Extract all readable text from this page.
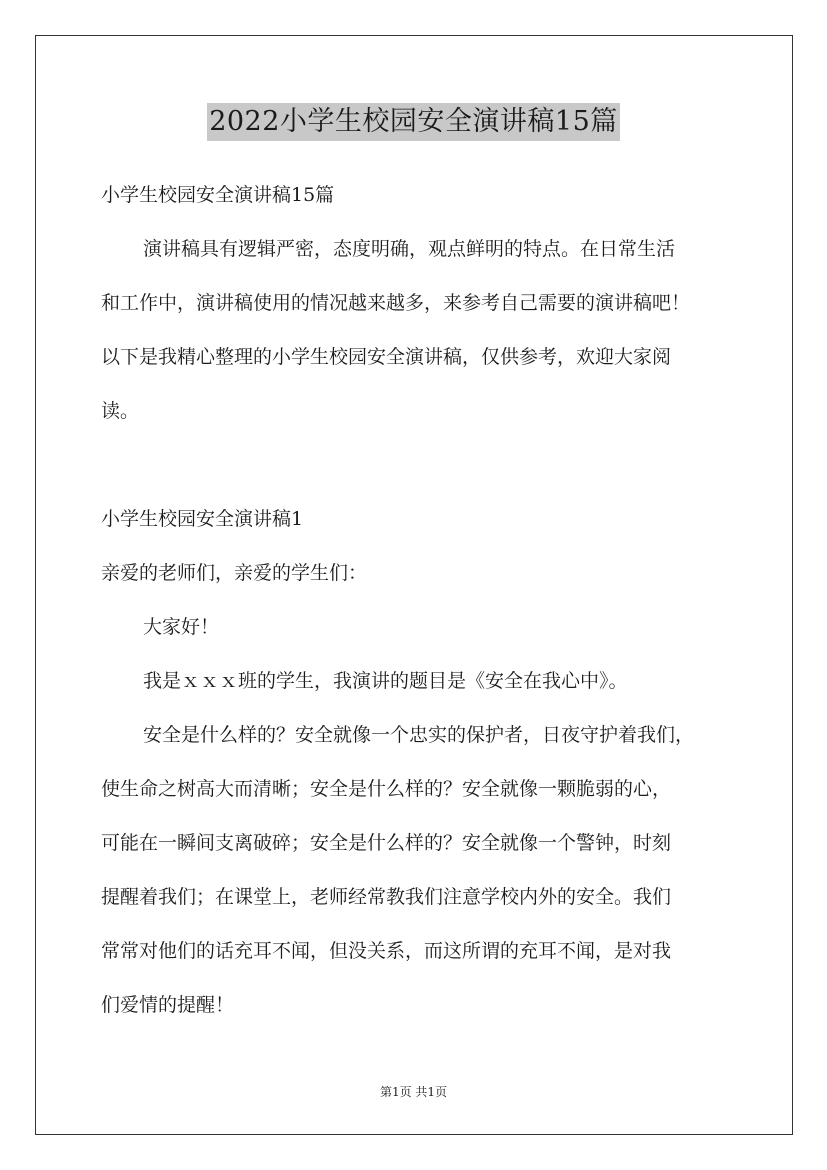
2022小学生校园安全演讲稿15篇
小学生校园安全演讲稿15篇
演讲稿具有逻辑严密，态度明确，观点鲜明的特点。在日常生活
和工作中，演讲稿使用的情况越来越多，来参考自己需要的演讲稿吧！
以下是我精心整理的小学生校园安全演讲稿，仅供参考，欢迎大家阅
读。
小学生校园安全演讲稿1
亲爱的老师们，亲爱的学生们：
大家好！
我是ｘｘｘ班的学生，我演讲的题目是《安全在我心中》。
安全是什么样的？安全就像一个忠实的保护者，日夜守护着我们，
使生命之树高大而清晰；安全是什么样的？安全就像一颗脆弱的心，
可能在一瞬间支离破碎；安全是什么样的？安全就像一个警钟，时刻
提醒着我们；在课堂上，老师经常教我们注意学校内外的安全。我们
常常对他们的话充耳不闻，但没关系，而这所谓的充耳不闻，是对我
们爱情的提醒！
第1页 共1页
